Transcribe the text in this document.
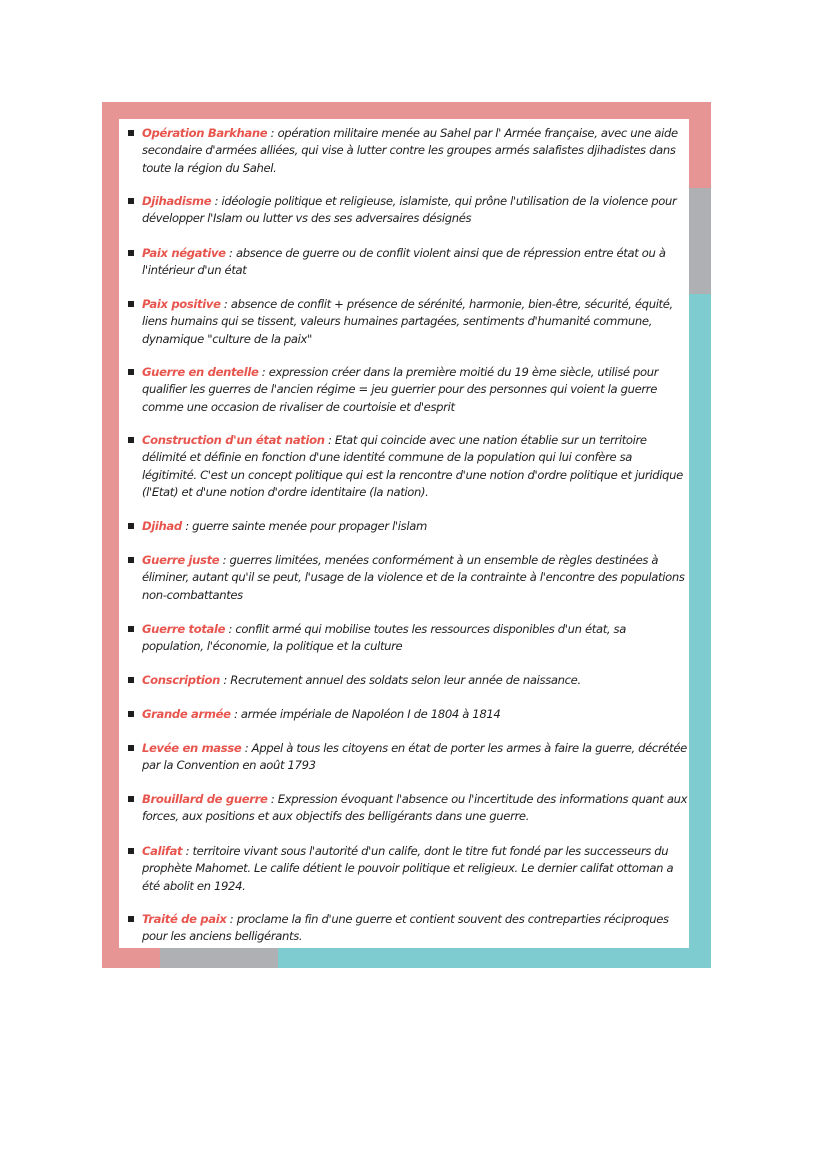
Opération Barkhane : opération militaire menée au Sahel par l' Armée française, avec une aide secondaire d'armées alliées, qui vise à lutter contre les groupes armés salafistes djihadistes dans toute la région du Sahel.
Djihadisme : idéologie politique et religieuse, islamiste, qui prône l'utilisation de la violence pour développer l'Islam ou lutter vs des ses adversaires désignés
Paix négative : absence de guerre ou de conflit violent ainsi que de répression entre état ou à l'intérieur d'un état
Paix positive : absence de conflit + présence de sérénité, harmonie, bien-être, sécurité, équité, liens humains qui se tissent, valeurs humaines partagées, sentiments d'humanité commune, dynamique "culture de la paix"
Guerre en dentelle : expression créer dans la première moitié du 19 ème siècle, utilisé pour qualifier les guerres de l'ancien régime = jeu guerrier pour des personnes qui voient la guerre comme une occasion de rivaliser de courtoisie et d'esprit
Construction d'un état nation : Etat qui coincide avec une nation établie sur un territoire délimité et définie en fonction d'une identité commune de la population qui lui confère sa légitimité. C'est un concept politique qui est la rencontre d'une notion d'ordre politique et juridique (l'Etat) et d'une notion d'ordre identitaire (la nation).
Djihad : guerre sainte menée pour propager l'islam
Guerre juste : guerres limitées, menées conformément à un ensemble de règles destinées à éliminer, autant qu'il se peut, l'usage de la violence et de la contrainte à l'encontre des populations non-combattantes
Guerre totale : conflit armé qui mobilise toutes les ressources disponibles d'un état, sa population, l'économie, la politique et la culture
Conscription : Recrutement annuel des soldats selon leur année de naissance.
Grande armée : armée impériale de Napoléon I de 1804 à 1814
Levée en masse : Appel à tous les citoyens en état de porter les armes à faire la guerre, décrétée par la Convention en août 1793
Brouillard de guerre : Expression évoquant l'absence ou l'incertitude des informations quant aux forces, aux positions et aux objectifs des belligérants dans une guerre.
Califat : territoire vivant sous l'autorité d'un calife, dont le titre fut fondé par les successeurs du prophète Mahomet. Le calife détient le pouvoir politique et religieux. Le dernier califat ottoman a été abolit en 1924.
Traité de paix : proclame la fin d'une guerre et contient souvent des contreparties réciproques pour les anciens belligérants.
